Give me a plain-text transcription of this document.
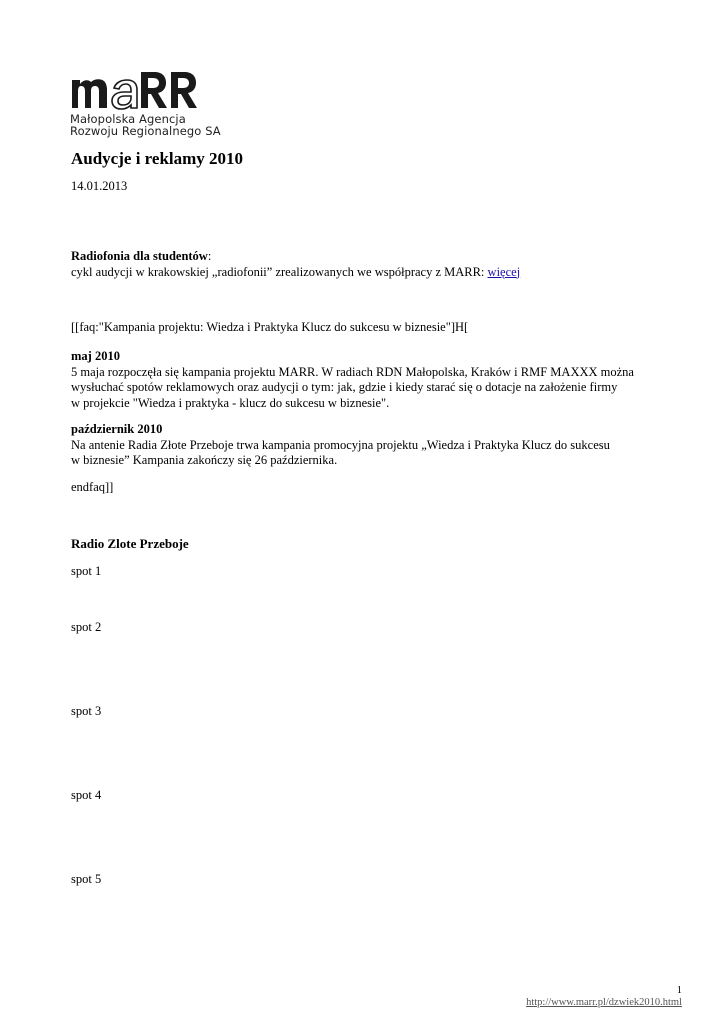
Małopolska Agencja
Rozwoju Regionalnego SA
Audycje i reklamy 2010
14.01.2013
Radiofonia dla studentów:
cykl audycji w krakowskiej „radiofonii” zrealizowanych we współpracy z MARR: więcej
[[faq:"Kampania projektu: Wiedza i Praktyka Klucz do sukcesu w biznesie"]H[
maj 2010
5 maja rozpoczęła się kampania projektu MARR. W radiach RDN Małopolska, Kraków i RMF MAXXX można
wysłuchać spotów reklamowych oraz audycji o tym: jak, gdzie i kiedy starać się o dotacje na założenie firmy
w projekcie "Wiedza i praktyka - klucz do sukcesu w biznesie".
październik 2010
Na antenie Radia Złote Przeboje trwa kampania promocyjna projektu „Wiedza i Praktyka Klucz do sukcesu
w biznesie” Kampania zakończy się 26 października.
endfaq]]
Radio Zlote Przeboje
spot 1
spot 2
spot 3
spot 4
spot 5
1
http://www.marr.pl/dzwiek2010.html
